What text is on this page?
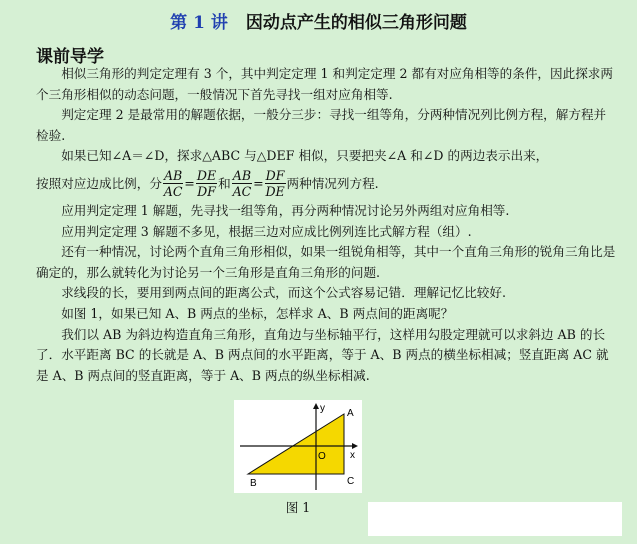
第 1 讲 因动点产生的相似三角形问题
课前导学

相似三角形的判定定理有 3 个，其中判定定理 1 和判定定理 2 都有对应角相等的条件，因此探求两个三角形相似的动态问题，一般情况下首先寻找一组对应角相等.

判定定理 2 是最常用的解题依据，一般分三步：寻找一组等角，分两种情况列比例方程，解方程并检验.

如果已知∠A＝∠D，探求△ABC 与△DEF 相似，只要把夹∠A 和∠D 的两边表示出来，

按照对应边成比例，分 $\frac{AB}{AC} = \frac{DE}{DF}$ 和 $\frac{AB}{AC} = \frac{DF}{DE}$ 两种情况列方程.

应用判定定理 1 解题，先寻找一组等角，再分两种情况讨论另外两组对应角相等.

应用判定定理 3 解题不多见，根据三边对应成比例列连比式解方程（组）.

还有一种情况，讨论两个直角三角形相似，如果一组锐角相等，其中一个直角三角形的锐角三角比是确定的，那么就转化为讨论另一个三角形是直角三角形的问题.

求线段的长，要用到两点间的距离公式，而这个公式容易记错．理解记忆比较好.

如图 1，如果已知 A、B 两点的坐标，怎样求 A、B 两点间的距离呢？

我们以 AB 为斜边构造直角三角形，直角边与坐标轴平行，这样用勾股定理就可以求斜边 AB 的长了．水平距离 BC 的长就是 A、B 两点间的水平距离，等于 A、B 两点的横坐标相减；竖直距离 AC 就是 A、B 两点间的竖直距离，等于 A、B 两点的纵坐标相减.

y
x
A
B	C
O
图 1
